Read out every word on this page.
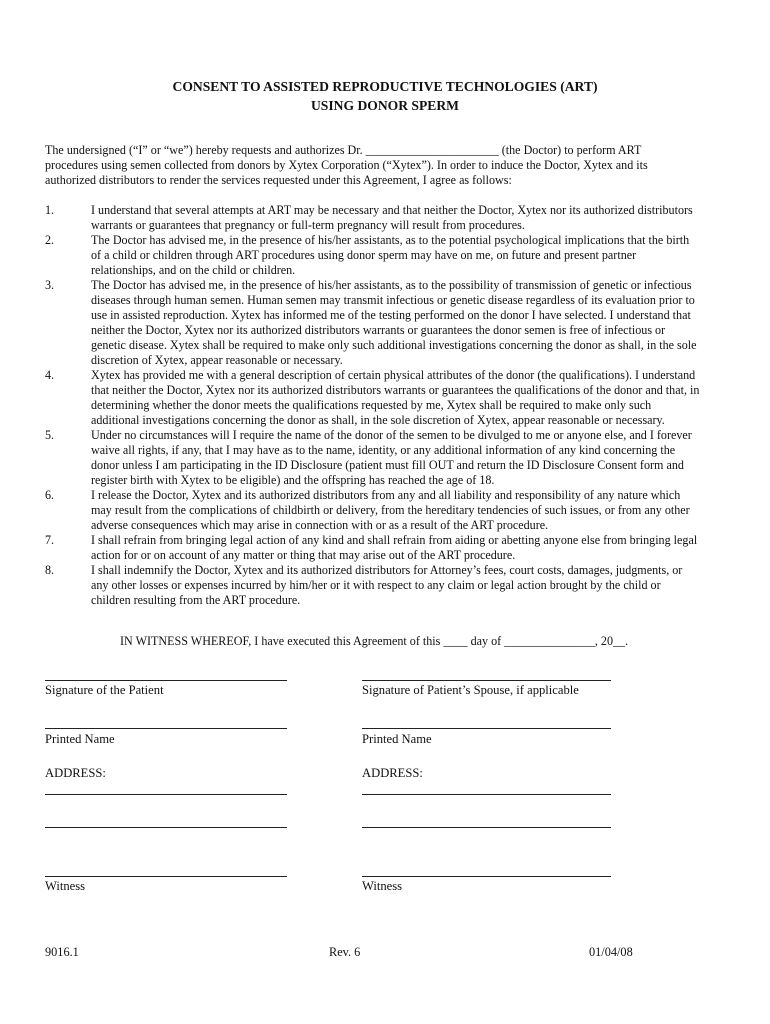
CONSENT TO ASSISTED REPRODUCTIVE TECHNOLOGIES (ART)
USING DONOR SPERM
The undersigned (“I” or “we”) hereby requests and authorizes Dr. ______________________ (the Doctor) to perform ART
procedures using semen collected from donors by Xytex Corporation (“Xytex”). In order to induce the Doctor, Xytex and its
authorized distributors to render the services requested under this Agreement, I agree as follows:
1.	I understand that several attempts at ART may be necessary and that neither the Doctor, Xytex nor its authorized distributors
warrants or guarantees that pregnancy or full-term pregnancy will result from procedures.
2.	The Doctor has advised me, in the presence of his/her assistants, as to the potential psychological implications that the birth
of a child or children through ART procedures using donor sperm may have on me, on future and present partner
relationships, and on the child or children.
3.	The Doctor has advised me, in the presence of his/her assistants, as to the possibility of transmission of genetic or infectious
diseases through human semen. Human semen may transmit infectious or genetic disease regardless of its evaluation prior to
use in assisted reproduction. Xytex has informed me of the testing performed on the donor I have selected. I understand that
neither the Doctor, Xytex nor its authorized distributors warrants or guarantees the donor semen is free of infectious or
genetic disease. Xytex shall be required to make only such additional investigations concerning the donor as shall, in the sole
discretion of Xytex, appear reasonable or necessary.
4.	Xytex has provided me with a general description of certain physical attributes of the donor (the qualifications). I understand
that neither the Doctor, Xytex nor its authorized distributors warrants or guarantees the qualifications of the donor and that, in
determining whether the donor meets the qualifications requested by me, Xytex shall be required to make only such
additional investigations concerning the donor as shall, in the sole discretion of Xytex, appear reasonable or necessary.
5.	Under no circumstances will I require the name of the donor of the semen to be divulged to me or anyone else, and I forever
waive all rights, if any, that I may have as to the name, identity, or any additional information of any kind concerning the
donor unless I am participating in the ID Disclosure (patient must fill OUT and return the ID Disclosure Consent form and
register birth with Xytex to be eligible) and the offspring has reached the age of 18.
6.	I release the Doctor, Xytex and its authorized distributors from any and all liability and responsibility of any nature which
may result from the complications of childbirth or delivery, from the hereditary tendencies of such issues, or from any other
adverse consequences which may arise in connection with or as a result of the ART procedure.
7.	I shall refrain from bringing legal action of any kind and shall refrain from aiding or abetting anyone else from bringing legal
action for or on account of any matter or thing that may arise out of the ART procedure.
8.	I shall indemnify the Doctor, Xytex and its authorized distributors for Attorney’s fees, court costs, damages, judgments, or
any other losses or expenses incurred by him/her or it with respect to any claim or legal action brought by the child or
children resulting from the ART procedure.
IN WITNESS WHEREOF, I have executed this Agreement of this ____ day of _______________, 20__.
Signature of the Patient
Printed Name
ADDRESS:
Witness
Signature of Patient’s Spouse, if applicable
Printed Name
ADDRESS:
Witness
9016.1	Rev. 6	01/04/08
